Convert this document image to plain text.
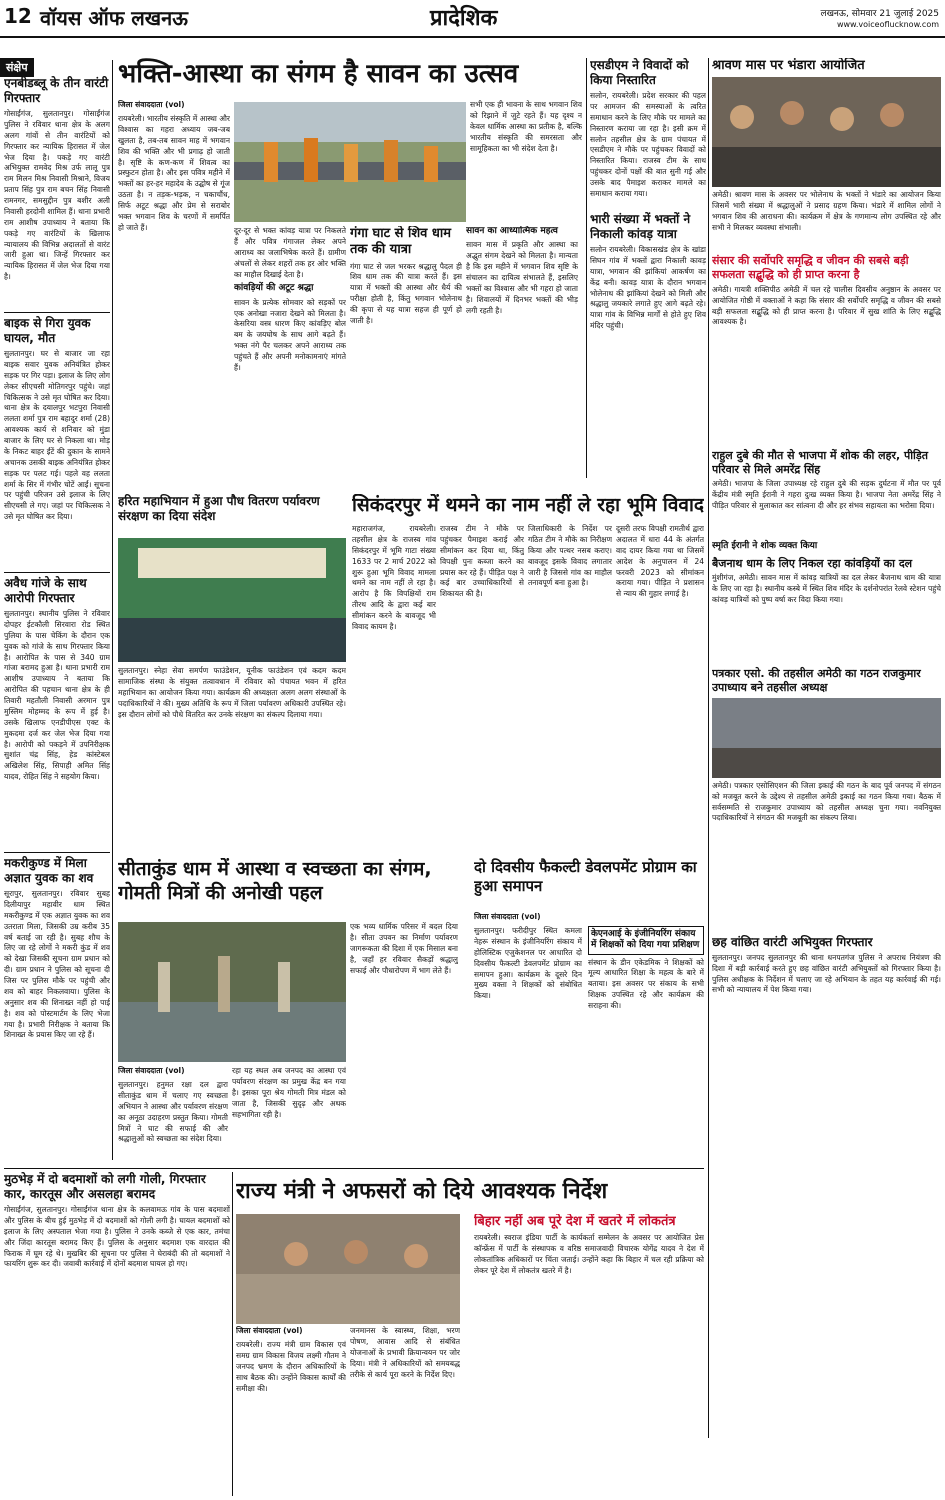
12 वॉयस ऑफ लखनऊ	प्रादेशिक	लखनऊ, सोमवार 21 जुलाई 2025
www.voiceoflucknow.com
संक्षेप
एनबीडब्लू के तीन वारंटी गिरफ्तार
गोसाईंगंज, सुलतानपुर। गोसाईंगंज पुलिस ने रविवार थाना क्षेत्र के अलग अलग गांवों से तीन वारंटियों को गिरफ्तार कर न्यायिक हिरासत में जेल भेज दिया है। पकड़े गए वारंटी अभियुक्त रामवेद मिश्र उर्फ लालू पुत्र राम मिलन मिश्र निवासी मिश्राने, विजय प्रताप सिंह पुत्र राम बचन सिंह निवासी रामनगर, समसुद्दीन पुत्र बशीर अली निवासी हरदोनी शामिल हैं। थाना प्रभारी राम आशीष उपाध्याय ने बताया कि पकड़े गए वारंटियों के खिलाफ न्यायालय की विभिन्न अदालतों से वारंट जारी हुआ था। जिन्हें गिरफ्तार कर न्यायिक हिरासत में जेल भेज दिया गया है।
बाइक से गिरा युवक घायल, मौत
सुलतानपुर। घर से बाजार जा रहा बाइक सवार युवक अनियंत्रित होकर सड़क पर गिर पड़ा। इलाज के लिए लोग लेकर सीएचसी मोतिगरपुर पहुंचे। जहां चिकित्सक ने उसे मृत घोषित कर दिया। थाना क्षेत्र के दयालपुर भटपुरा निवासी ललता शर्मा पुत्र राम बहादुर शर्मा (28) आवश्यक कार्य से शनिवार को मुंडा बाजार के लिए घर से निकला था। मोड़ के निकट बाहर ईंटें की दुकान के सामने अचानक उसकी बाइक अनियंत्रित होकर सड़क पर पलट गई। पहले वह ललता शर्मा के सिर में गंभीर चोटें आईं। सूचना पर पहुंची परिजन उसे इलाज के लिए सीएचसी ले गए। जहां पर चिकित्सक ने उसे मृत घोषित कर दिया।
अवैध गांजे के साथ आरोपी गिरफ्तार
सुलतानपुर। स्थानीय पुलिस ने रविवार दोपहर ईटकौली सिरवारा रोड स्थित पुलिया के पास चेकिंग के दौरान एक युवक को गांजे के साथ गिरफ्तार किया है। आरोपित के पास से 340 ग्राम गांजा बरामद हुआ है। थाना प्रभारी राम आशीष उपाध्याय ने बताया कि आरोपित की पहचान थाना क्षेत्र के ही तिवारी महतौली निवासी अरमान पुत्र मुस्लिम मोहम्मद के रूप में हुई है। उसके खिलाफ एनडीपीएस एक्ट के मुकदमा दर्ज कर जेल भेज दिया गया है। आरोपी को पकड़ने में उपनिरीक्षक सुशांत चंद्र सिंह, हेड कांस्टेबल अखिलेश सिंह, सिपाही अमित सिंह यादव, रोहित सिंह ने सहयोग किया।
मकरीकुण्ड में मिला अज्ञात युवक का शव
सूरापुर, सुलतानपुर। रविवार सुबह दिलीयापुर महावीर धाम स्थित मकरीकुण्ड में एक अज्ञात युवक का शव उतराता मिला, जिसकी उम्र करीब 35 वर्ष बताई जा रही है। सुबह शौच के लिए जा रहे लोगों ने मकरी कुंड में शव को देखा जिसकी सूचना ग्राम प्रधान को दी। ग्राम प्रधान ने पुलिस को सूचना दी जिस पर पुलिस मौके पर पहुंची और शव को बाहर निकलवाया। पुलिस के अनुसार शव की शिनाख्त नहीं हो पाई है। शव को पोस्टमार्टम के लिए भेजा गया है। प्रभारी निरीक्षक ने बताया कि शिनाख्त के प्रयास किए जा रहे हैं।
भक्ति-आस्था का संगम है सावन का उत्सव
जिला संवाददाता (vol)
रायबरेली। भारतीय संस्कृति में आस्था और विश्वास का गहरा अध्याय जब-जब खुलता है, तब-तब सावन माह में भगवान शिव की भक्ति और भी प्रगाढ़ हो जाती है। सृष्टि के कण-कण में शिवत्व का प्रस्फुटन होता है। और इस पवित्र महीने में भक्तों का हर-हर महादेव के उद्घोष से गूंज उठता है। न तड़क-भड़क, न चकाचौंध, सिर्फ अटूट श्रद्धा और प्रेम से सराबोर भक्त भगवान शिव के चरणों में समर्पित हो जाते हैं।	दूर-दूर से भक्त कांवड़ यात्रा पर निकलते हैं और पवित्र गंगाजल लेकर अपने आराध्य का जलाभिषेक करते हैं। ग्रामीण अंचलों से लेकर शहरों तक हर ओर भक्ति का माहौल दिखाई देता है।
कांवड़ियों की अटूट श्रद्धा
सावन के प्रत्येक सोमवार को सड़कों पर एक अनोखा नजारा देखने को मिलता है। केसरिया वस्त्र धारण किए कांवड़िए बोल बम के जयघोष के साथ आगे बढ़ते हैं। भक्त नंगे पैर चलकर अपने आराध्य तक पहुंचते हैं और अपनी मनोकामनाएं मांगते हैं।
गंगा घाट से शिव धाम तक की यात्रा
गंगा घाट से जल भरकर श्रद्धालु पैदल ही शिव धाम तक की यात्रा करते हैं। इस यात्रा में भक्तों की आस्था और धैर्य की परीक्षा होती है, किंतु भगवान भोलेनाथ की कृपा से यह यात्रा सहज ही पूर्ण हो जाती है।
सावन का आध्यात्मिक महत्व
सावन मास में प्रकृति और आस्था का अद्भुत संगम देखने को मिलता है। मान्यता है कि इस महीने में भगवान शिव सृष्टि के संचालन का दायित्व संभालते हैं, इसलिए भक्तों का विश्वास और भी गहरा हो जाता है। शिवालयों में दिनभर भक्तों की भीड़ लगी रहती है।
सभी एक ही भावना के साथ भगवान शिव को रिझाने में जुटे रहते हैं। यह दृश्य न केवल धार्मिक आस्था का प्रतीक है, बल्कि भारतीय संस्कृति की समरसता और सामूहिकता का भी संदेश देता है।
एसडीएम ने विवादों को किया निस्तारित
सलोन, रायबरेली। प्रदेश सरकार की पहल पर आमजन की समस्याओं के त्वरित समाधान करने के लिए मौके पर मामले का निस्तारण कराया जा रहा है। इसी क्रम में सलोन तहसील क्षेत्र के ग्राम पंचायत में एसडीएम ने मौके पर पहुंचकर विवादों को निस्तारित किया। राजस्व टीम के साथ पहुंचकर दोनों पक्षों की बात सुनी गई और उसके बाद पैमाइश कराकर मामले का समाधान कराया गया।
भारी संख्या में भक्तों ने निकाली कांवड़ यात्रा
सलोन रायबरेली। विकासखंड क्षेत्र के खांडा सिघन गांव में भक्तों द्वारा निकाली कावड़ यात्रा, भगवान की झांकियां आकर्षण का केंद्र बनी। कावड़ यात्रा के दौरान भगवान भोलेनाथ की झांकियां देखने को मिली और श्रद्धालु जयकारे लगाते हुए आगे बढ़ते रहे। यात्रा गांव के विभिन्न मार्गों से होते हुए शिव मंदिर पहुंची।
श्रावण मास पर भंडारा आयोजित
अमेठी। श्रावण मास के अवसर पर भोलेनाथ के भक्तों ने भंडारे का आयोजन किया जिसमें भारी संख्या में श्रद्धालुओं ने प्रसाद ग्रहण किया। भंडारे में शामिल लोगों ने भगवान शिव की आराधना की। कार्यक्रम में क्षेत्र के गणमान्य लोग उपस्थित रहे और सभी ने मिलकर व्यवस्था संभाली।
संसार की सर्वोपरि समृद्धि व जीवन की सबसे बड़ी सफलता सद्बुद्धि को ही प्राप्त करना है
अमेठी। गायत्री शक्तिपीठ अमेठी में चल रहे चालीस दिवसीय अनुष्ठान के अवसर पर आयोजित गोष्ठी में वक्ताओं ने कहा कि संसार की सर्वोपरि समृद्धि व जीवन की सबसे बड़ी सफलता सद्बुद्धि को ही प्राप्त करना है। परिवार में सुख शांति के लिए सद्बुद्धि आवश्यक है।
राहुल दुबे की मौत से भाजपा में शोक की लहर, पीड़ित परिवार से मिले अमरेंद्र सिंह
अमेठी। भाजपा के जिला उपाध्यक्ष रहे राहुल दुबे की सड़क दुर्घटना में मौत पर पूर्व केंद्रीय मंत्री स्मृति ईरानी ने गहरा दुःख व्यक्त किया है। भाजपा नेता अमरेंद्र सिंह ने पीड़ित परिवार से मुलाकात कर सांत्वना दी और हर संभव सहायता का भरोसा दिया।
स्मृति ईरानी ने शोक व्यक्त किया
बैजनाथ धाम के लिए निकल रहा कांवड़ियों का दल
मुंशीगंज, अमेठी। सावन मास में कांवड़ यात्रियों का दल लेकर बैजनाथ धाम की यात्रा के लिए जा रहा है। स्थानीय कस्बे में स्थित शिव मंदिर के दर्शनोपरांत रेलवे स्टेशन पहुंचे कांवड़ यात्रियों को पुष्प वर्षा कर विदा किया गया।
पत्रकार एसो. की तहसील अमेठी का गठन राजकुमार उपाध्याय बने तहसील अध्यक्ष
अमेठी। पत्रकार एसोसिएशन की जिला इकाई की गठन के बाद पूर्व जनपद में संगठन को मजबूत करने के उद्देश्य से तहसील अमेठी इकाई का गठन किया गया। बैठक में सर्वसम्मति से राजकुमार उपाध्याय को तहसील अध्यक्ष चुना गया। नवनियुक्त पदाधिकारियों ने संगठन की मजबूती का संकल्प लिया।
छह वांछित वारंटी अभियुक्त गिरफ्तार
सुलतानपुर। जनपद सुलतानपुर की थाना धनपतगंज पुलिस ने अपराध नियंत्रण की दिशा में बड़ी कार्रवाई करते हुए छह वांछित वारंटी अभियुक्तों को गिरफ्तार किया है। पुलिस अधीक्षक के निर्देशन में चलाए जा रहे अभियान के तहत यह कार्रवाई की गई। सभी को न्यायालय में पेश किया गया।
हरित महाभियान में हुआ पौध वितरण पर्यावरण संरक्षण का दिया संदेश
सुलतानपुर। स्नेहा सेवा समर्पण फाउंडेशन, यूनीक फाउंडेशन एवं कदम कदम सामाजिक संस्था के संयुक्त तत्वावधान में रविवार को पंचायत भवन में हरित महाभियान का आयोजन किया गया। कार्यक्रम की अध्यक्षता अलग अलग संस्थाओं के पदाधिकारियों ने की। मुख्य अतिथि के रूप में जिला पर्यावरण अधिकारी उपस्थित रहे। इस दौरान लोगों को पौधे वितरित कर उनके संरक्षण का संकल्प दिलाया गया।
सिकंदरपुर में थमने का नाम नहीं ले रहा भूमि विवाद
महाराजगंज, रायबरेली। तहसील क्षेत्र के राजस्व गांव सिकंदरपुर में भूमि गाटा संख्या 1633 पर 2 मार्च 2022 को शुरू हुआ भूमि विवाद मामला थमने का नाम नहीं ले रहा है। आरोप है कि विपक्षियों राम तीरथ आदि के द्वारा कई बार सीमांकन करने के बावजूद भी विवाद कायम है।
राजस्व टीम ने मौके पर पहुंचकर पैमाइश कराई और सीमांकन कर दिया था, किंतु विपक्षी पुनः कब्जा करने का प्रयास कर रहे हैं। पीड़ित पक्ष ने कई बार उच्चाधिकारियों से शिकायत की है।
जिलाधिकारी के निर्देश पर गठित टीम ने मौके का निरीक्षण किया और पत्थर नसब कराए। बावजूद इसके विवाद लगातार जारी है जिससे गांव का माहौल तनावपूर्ण बना हुआ है।
दूसरी तरफ विपक्षी रामतीर्थ द्वारा अदालत में धारा 44 के अंतर्गत वाद दायर किया गया था जिसमें आदेश के अनुपालन में 24 फरवरी 2023 को सीमांकन कराया गया। पीड़ित ने प्रशासन से न्याय की गुहार लगाई है।
सीताकुंड धाम में आस्था व स्वच्छता का संगम, गोमती मित्रों की अनोखी पहल
जिला संवाददाता (vol)
सुलतानपुर। हनुमत रक्षा दल द्वारा सीताकुंड धाम में चलाए गए स्वच्छता अभियान ने आस्था और पर्यावरण संरक्षण का अनूठा उदाहरण प्रस्तुत किया। गोमती मित्रों ने घाट की सफाई की और श्रद्धालुओं को स्वच्छता का संदेश दिया।
रहा यह स्थल अब जनपद का आस्था एवं पर्यावरण संरक्षण का प्रमुख केंद्र बन गया है। इसका पूरा श्रेय गोमती मित्र मंडल को जाता है, जिसकी सुदृढ़ और अथक सहभागिता रही है।
एक भव्य धार्मिक परिसर में बदल दिया है। सीता उपवन का निर्माण पर्यावरण जागरूकता की दिशा में एक मिसाल बना है, जहाँ हर रविवार सैकड़ों श्रद्धालु सफाई और पौधारोपण में भाग लेते हैं।
दो दिवसीय फैकल्टी डेवलपमेंट प्रोग्राम का हुआ समापन
जिला संवाददाता (vol)
सुलतानपुर। फरीदीपुर स्थित कमला नेहरू संस्थान के इंजीनियरिंग संकाय में होलिस्टिक एजुकेशनल पर आधारित दो दिवसीय फैकल्टी डेवलपमेंट प्रोग्राम का समापन हुआ। कार्यक्रम के दूसरे दिन मुख्य वक्ता ने शिक्षकों को संबोधित किया।
केएनआई के इंजीनियरिंग संकाय में शिक्षकों को दिया गया प्रशिक्षण
संस्थान के डीन एकेडमिक ने शिक्षकों को मूल्य आधारित शिक्षा के महत्व के बारे में बताया। इस अवसर पर संकाय के सभी शिक्षक उपस्थित रहे और कार्यक्रम की सराहना की।
मुठभेड़ में दो बदमाशों को लगी गोली, गिरफ्तार कार, कारतूस और असलहा बरामद
गोसाईंगंज, सुलतानपुर। गोसाईंगंज थाना क्षेत्र के कलवामऊ गांव के पास बदमाशों और पुलिस के बीच हुई मुठभेड़ में दो बदमाशों को गोली लगी है। घायल बदमाशों को इलाज के लिए अस्पताल भेजा गया है। पुलिस ने उनके कब्जे से एक कार, तमंचा और जिंदा कारतूस बरामद किए हैं। पुलिस के अनुसार बदमाश एक वारदात की फिराक में घूम रहे थे। मुखबिर की सूचना पर पुलिस ने घेराबंदी की तो बदमाशों ने फायरिंग शुरू कर दी। जवाबी कार्रवाई में दोनों बदमाश घायल हो गए।
राज्य मंत्री ने अफसरों को दिये आवश्यक निर्देश
जिला संवाददाता (vol)
रायबरेली। राज्य मंत्री ग्राम विकास एवं समग्र ग्राम विकास विजय लक्ष्मी गौतम ने जनपद भ्रमण के दौरान अधिकारियों के साथ बैठक की। उन्होंने विकास कार्यों की समीक्षा की।
जनमानस के स्वास्थ्य, शिक्षा, भरण पोषण, आवास आदि से संबंधित योजनाओं के प्रभावी क्रियान्वयन पर जोर दिया। मंत्री ने अधिकारियों को समयबद्ध तरीके से कार्य पूरा करने के निर्देश दिए।
बिहार नहीं अब पूरे देश में खतरे में लोकतंत्र
रायबरेली। स्वराज इंडिया पार्टी के कार्यकर्ता सम्मेलन के अवसर पर आयोजित प्रेस कॉन्फ्रेंस में पार्टी के संस्थापक व वरिष्ठ समाजवादी विचारक योगेंद्र यादव ने देश में लोकतांत्रिक अधिकारों पर चिंता जताई। उन्होंने कहा कि बिहार में चल रही प्रक्रिया को लेकर पूरे देश में लोकतंत्र खतरे में है।
